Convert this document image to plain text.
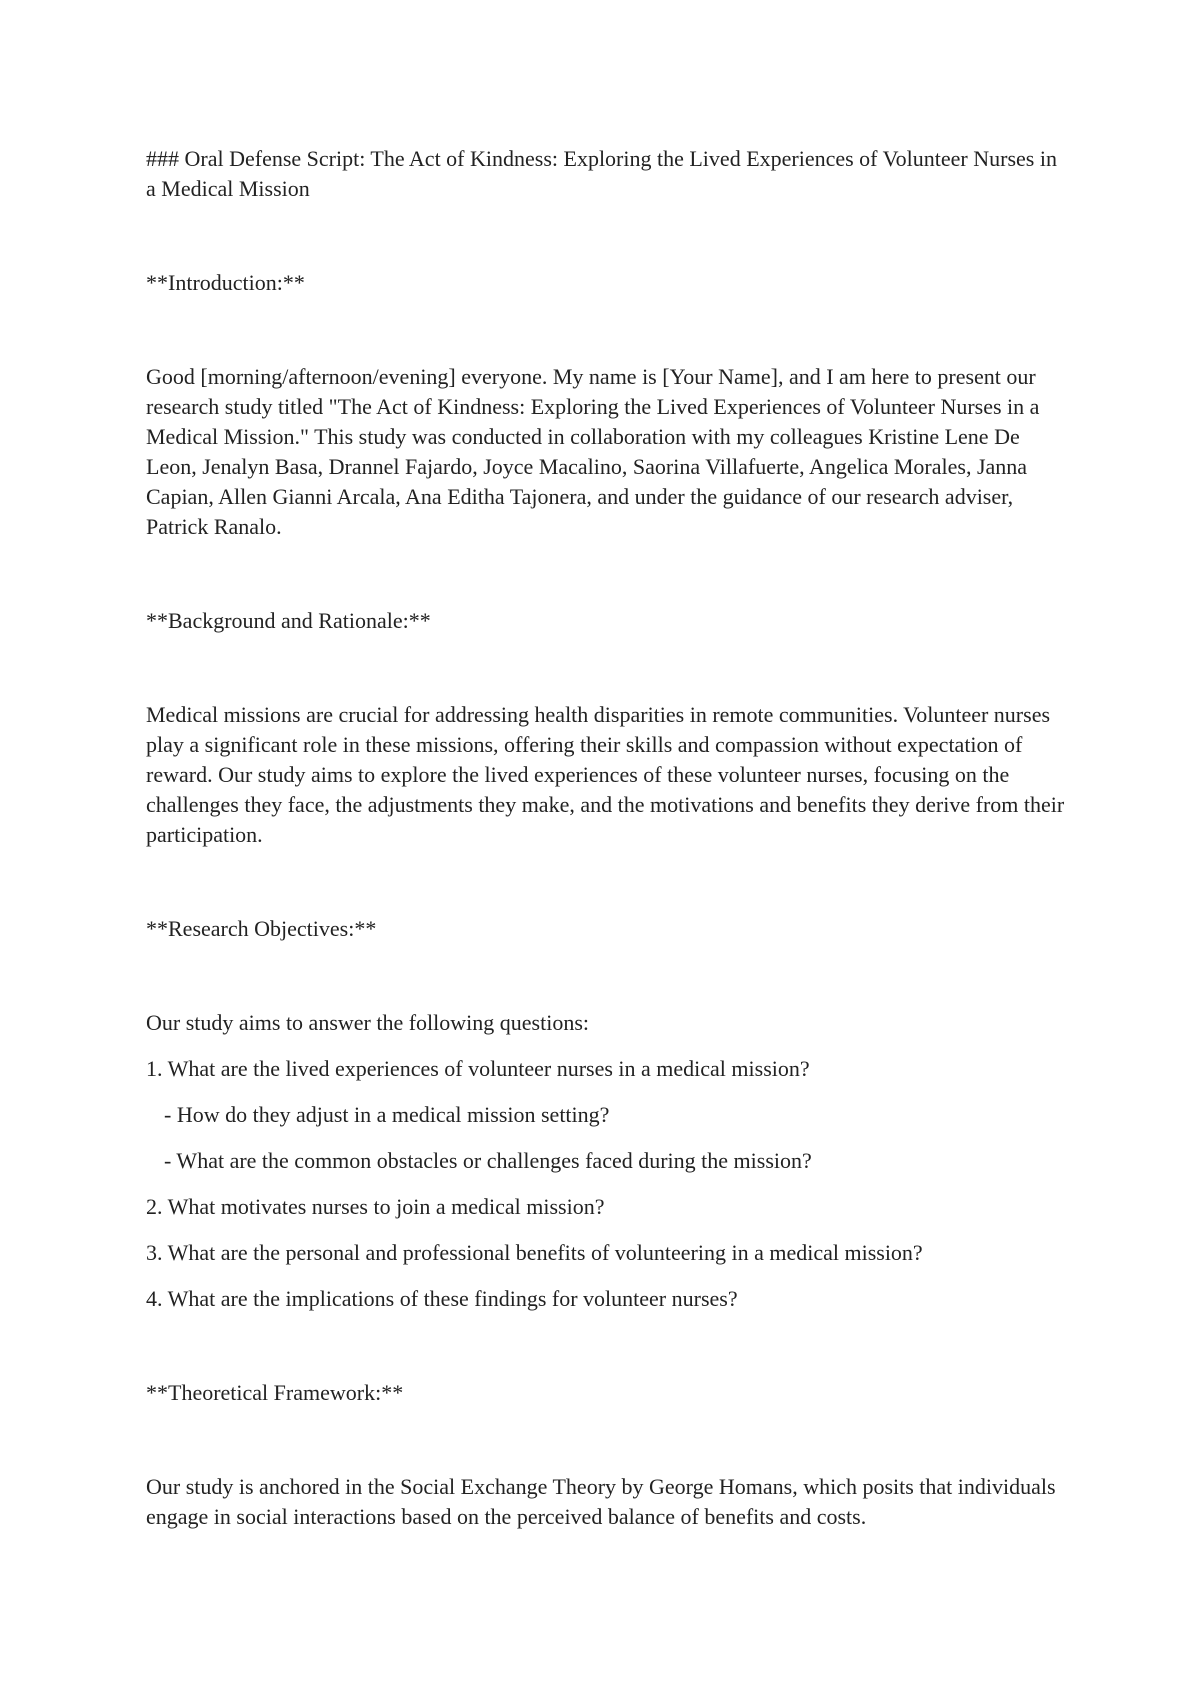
### Oral Defense Script: The Act of Kindness: Exploring the Lived Experiences of Volunteer Nurses in a Medical Mission

**Introduction:**

Good [morning/afternoon/evening] everyone. My name is [Your Name], and I am here to present our research study titled "The Act of Kindness: Exploring the Lived Experiences of Volunteer Nurses in a Medical Mission." This study was conducted in collaboration with my colleagues Kristine Lene De Leon, Jenalyn Basa, Drannel Fajardo, Joyce Macalino, Saorina Villafuerte, Angelica Morales, Janna Capian, Allen Gianni Arcala, Ana Editha Tajonera, and under the guidance of our research adviser, Patrick Ranalo.

**Background and Rationale:**

Medical missions are crucial for addressing health disparities in remote communities. Volunteer nurses play a significant role in these missions, offering their skills and compassion without expectation of reward. Our study aims to explore the lived experiences of these volunteer nurses, focusing on the challenges they face, the adjustments they make, and the motivations and benefits they derive from their participation.

**Research Objectives:**

Our study aims to answer the following questions:

1. What are the lived experiences of volunteer nurses in a medical mission?

- How do they adjust in a medical mission setting?

- What are the common obstacles or challenges faced during the mission?

2. What motivates nurses to join a medical mission?

3. What are the personal and professional benefits of volunteering in a medical mission?

4. What are the implications of these findings for volunteer nurses?

**Theoretical Framework:**

Our study is anchored in the Social Exchange Theory by George Homans, which posits that individuals engage in social interactions based on the perceived balance of benefits and costs.
